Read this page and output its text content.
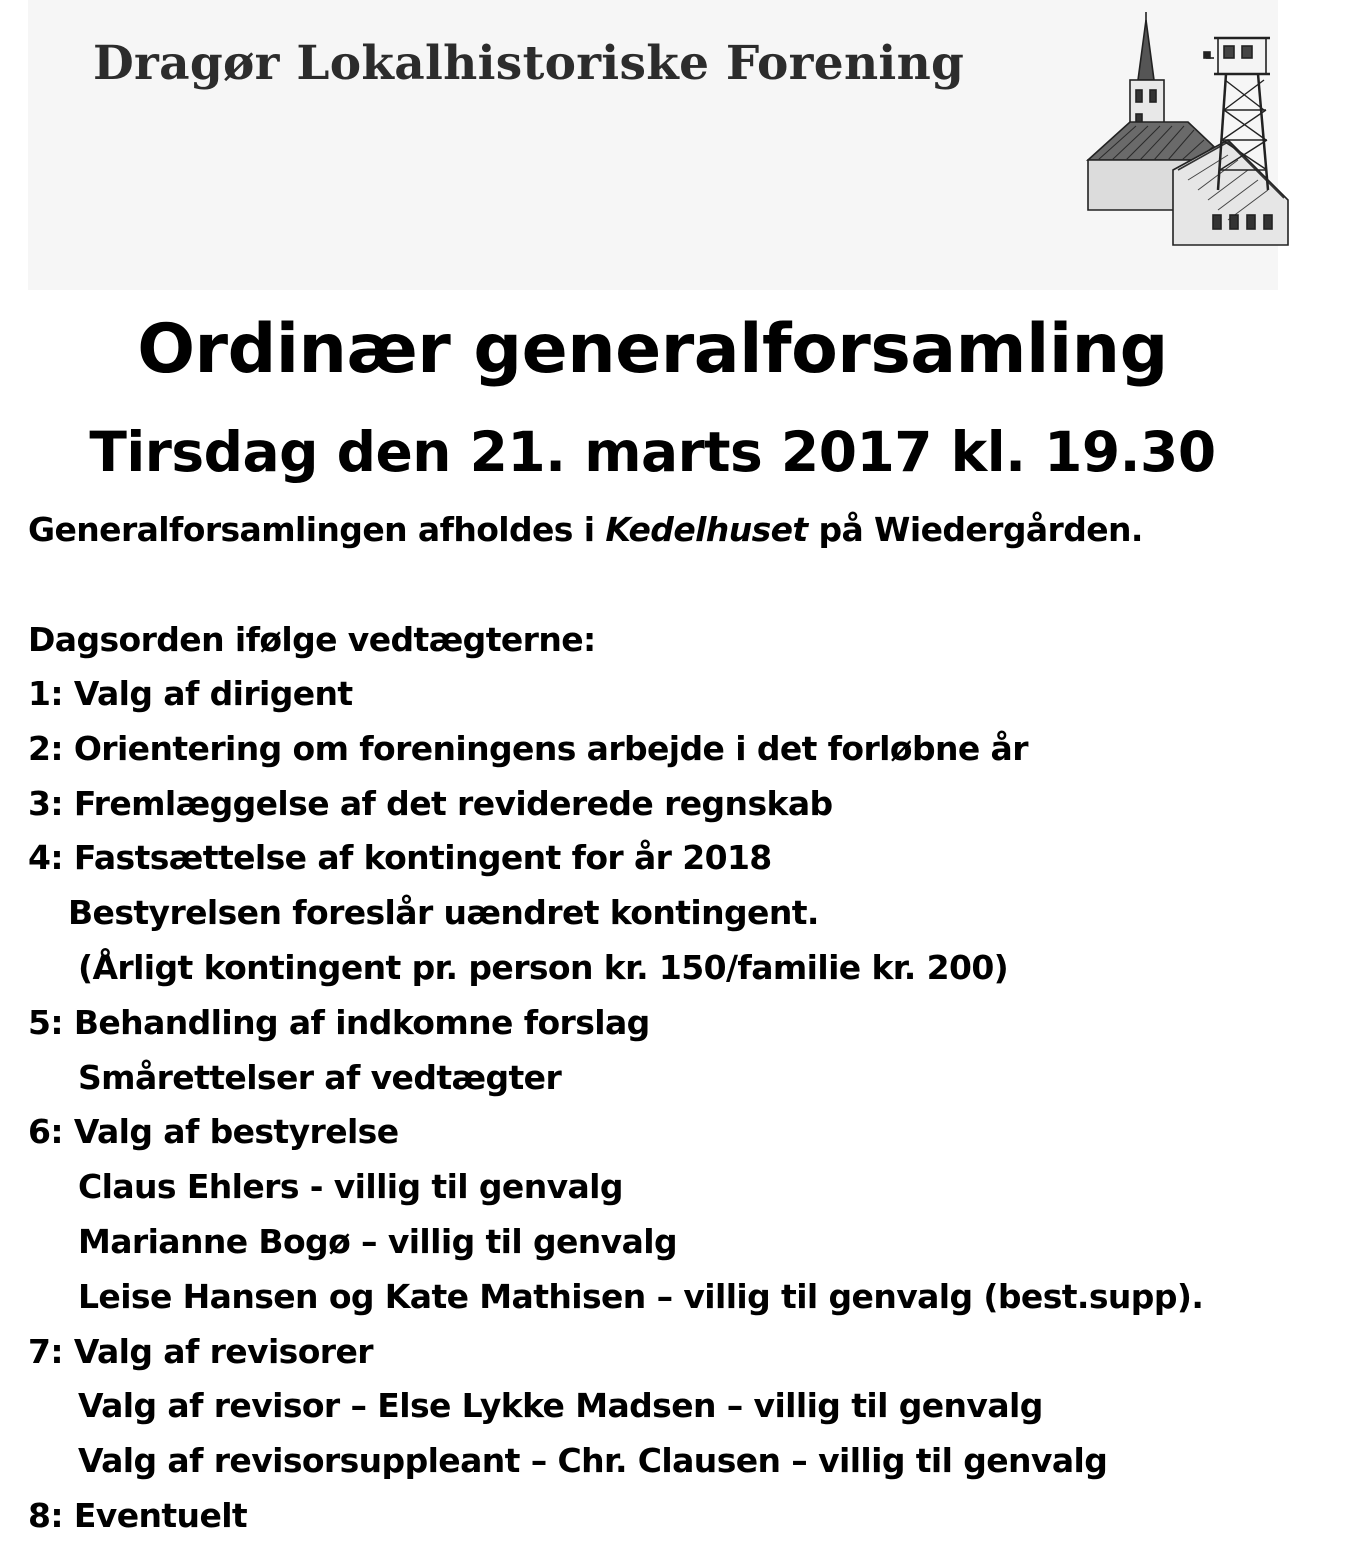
Dragør Lokalhistoriske Forening
Ordinær generalforsamling
Tirsdag den 21. marts 2017 kl. 19.30
Generalforsamlingen afholdes i Kedelhuset på Wiedergården.
Dagsorden ifølge vedtægterne:
1: Valg af dirigent
2: Orientering om foreningens arbejde i det forløbne år
3: Fremlæggelse af det reviderede regnskab
4: Fastsættelse af kontingent for år 2018
Bestyrelsen foreslår uændret kontingent.
(Årligt kontingent pr. person kr. 150/familie kr. 200)
5: Behandling af indkomne forslag
Smårettelser af vedtægter
6: Valg af bestyrelse
Claus Ehlers - villig til genvalg
Marianne Bogø – villig til genvalg
Leise Hansen og Kate Mathisen – villig til genvalg (best.supp).
7: Valg af revisorer
Valg af revisor – Else Lykke Madsen – villig til genvalg
Valg af revisorsuppleant – Chr. Clausen – villig til genvalg
8: Eventuelt
